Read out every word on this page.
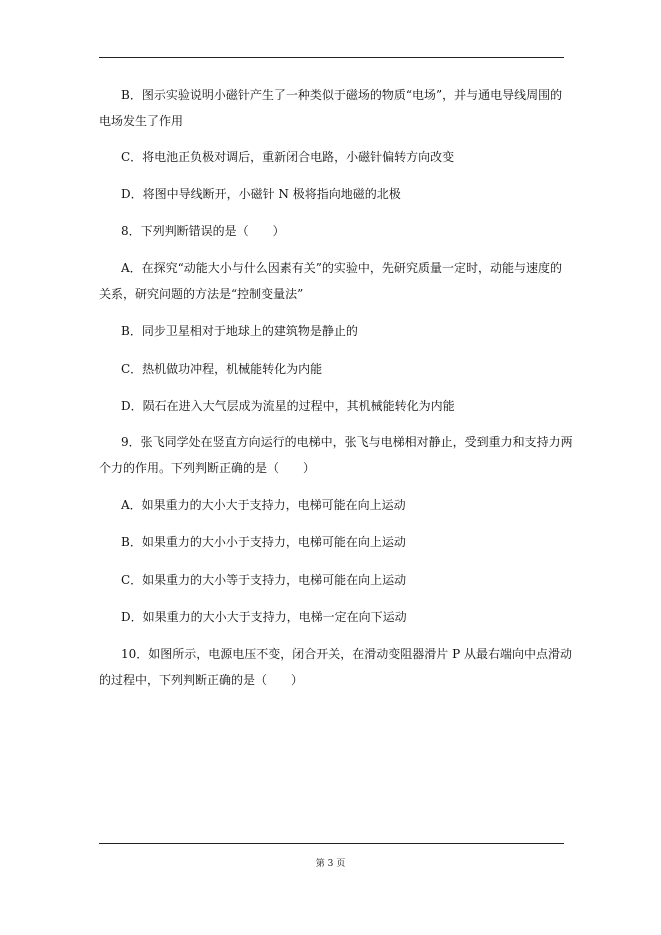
B．图示实验说明小磁针产生了一种类似于磁场的物质“电场”，并与通电导线周围的
电场发生了作用
C．将电池正负极对调后，重新闭合电路，小磁针偏转方向改变
D．将图中导线断开，小磁针 N 极将指向地磁的北极
8．下列判断错误的是（　　）
A．在探究“动能大小与什么因素有关”的实验中，先研究质量一定时，动能与速度的
关系，研究问题的方法是“控制变量法”
B．同步卫星相对于地球上的建筑物是静止的
C．热机做功冲程，机械能转化为内能
D．陨石在进入大气层成为流星的过程中，其机械能转化为内能
9．张飞同学处在竖直方向运行的电梯中，张飞与电梯相对静止，受到重力和支持力两
个力的作用。下列判断正确的是（　　）
A．如果重力的大小大于支持力，电梯可能在向上运动
B．如果重力的大小小于支持力，电梯可能在向上运动
C．如果重力的大小等于支持力，电梯可能在向上运动
D．如果重力的大小大于支持力，电梯一定在向下运动
10．如图所示，电源电压不变，闭合开关，在滑动变阻器滑片 P 从最右端向中点滑动
的过程中，下列判断正确的是（　　）
第 3 页
